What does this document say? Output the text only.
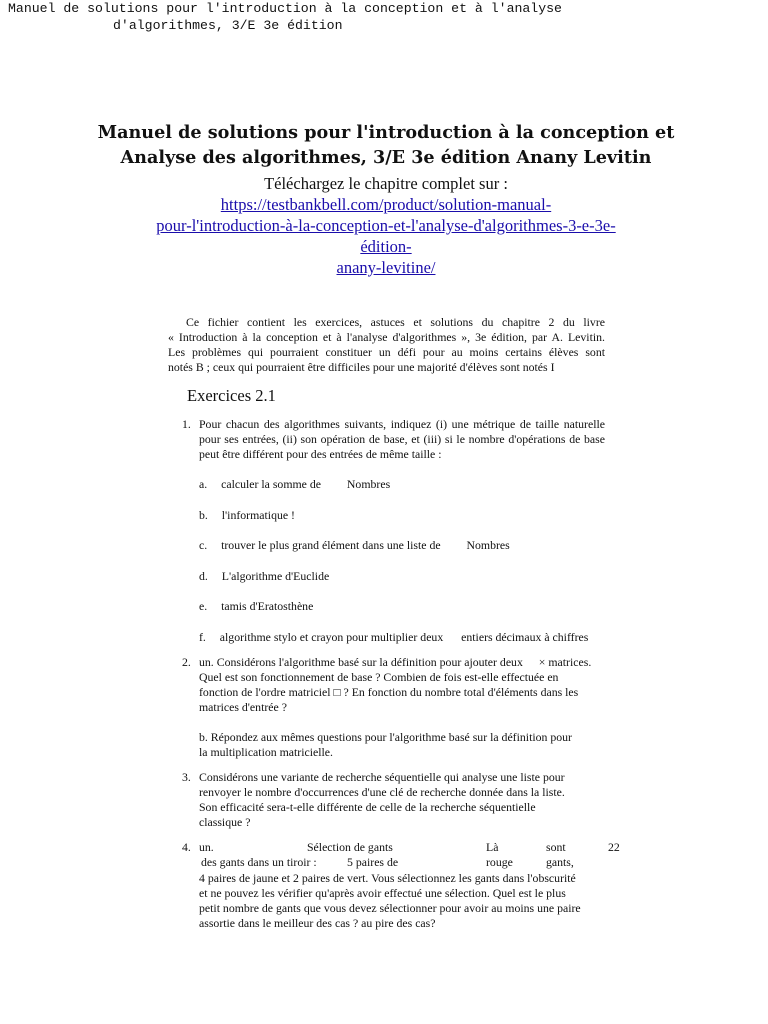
Manuel de solutions pour l'introduction à la conception et à l'analyse
d'algorithmes, 3/E 3e édition
Manuel de solutions pour l'introduction à la conception et
Analyse des algorithmes, 3/E 3e édition Anany Levitin
Téléchargez le chapitre complet sur :
https://testbankbell.com/product/solution-manual-
pour-l'introduction-à-la-conception-et-l'analyse-d'algorithmes-3-e-3e-
édition-
anany-levitine/
Ce fichier contient les exercices, astuces et solutions du chapitre 2 du livre
« Introduction à la conception et à l'analyse d'algorithmes », 3e édition, par A. Levitin.
Les problèmes qui pourraient constituer un défi pour au moins certains élèves sont
notés B ; ceux qui pourraient être difficiles pour une majorité d'élèves sont notés I
Exercices 2.1
1. Pour chacun des algorithmes suivants, indiquez (i) une métrique de taille naturelle pour ses entrées, (ii) son opération de base, et (iii) si le nombre d'opérations de base peut être différent pour des entrées de même taille :
a. calculer la somme de Nombres
b. l'informatique !
c. trouver le plus grand élément dans une liste de Nombres
d. L'algorithme d'Euclide
e. tamis d'Eratosthène
f. algorithme stylo et crayon pour multiplier deux entiers décimaux à chiffres
2. un. Considérons l'algorithme basé sur la définition pour ajouter deux × matrices.
Quel est son fonctionnement de base ? Combien de fois est-elle effectuée en
fonction de l'ordre matriciel □ ? En fonction du nombre total d'éléments dans les
matrices d'entrée ?
b. Répondez aux mêmes questions pour l'algorithme basé sur la définition pour
la multiplication matricielle.
3. Considérons une variante de recherche séquentielle qui analyse une liste pour
renvoyer le nombre d'occurrences d'une clé de recherche donnée dans la liste.
Son efficacité sera-t-elle différente de celle de la recherche séquentielle
classique ?
4. un.	Sélection de gants	Là	sont	22
des gants dans un tiroir :	5 paires de	rouge	gants,
4 paires de jaune et 2 paires de vert. Vous sélectionnez les gants dans l'obscurité
et ne pouvez les vérifier qu'après avoir effectué une sélection. Quel est le plus
petit nombre de gants que vous devez sélectionner pour avoir au moins une paire
assortie dans le meilleur des cas ? au pire des cas?
